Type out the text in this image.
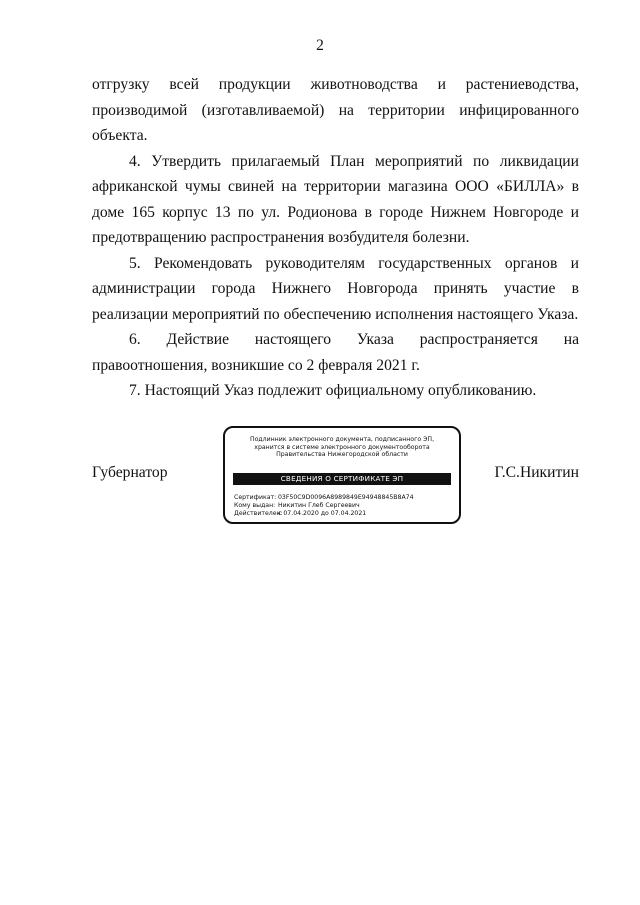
2

отгрузку всей продукции животноводства и растениеводства, производимой (изготавливаемой) на территории инфицированного объекта.

4. Утвердить прилагаемый План мероприятий по ликвидации африканской чумы свиней на территории магазина ООО «БИЛЛА» в доме 165 корпус 13 по ул. Родионова в городе Нижнем Новгороде и предотвращению распространения возбудителя болезни.

5. Рекомендовать руководителям государственных органов и администрации города Нижнего Новгорода принять участие в реализации мероприятий по обеспечению исполнения настоящего Указа.

6. Действие настоящего Указа распространяется на правоотношения, возникшие со 2 февраля 2021 г.

7. Настоящий Указ подлежит официальному опубликованию.

Губернатор
Подлинник электронного документа, подписанного ЭП,
хранится в системе электронного документооборота
Правительства Нижегородской области
СВЕДЕНИЯ О СЕРТИФИКАТЕ ЭП
Сертификат: 03F50C9D0096A8989849E94948845B8A74
Кому выдан: Никитин Глеб Сергеевич
Действителен:с 07.04.2020 до 07.04.2021
Г.С.Никитин
